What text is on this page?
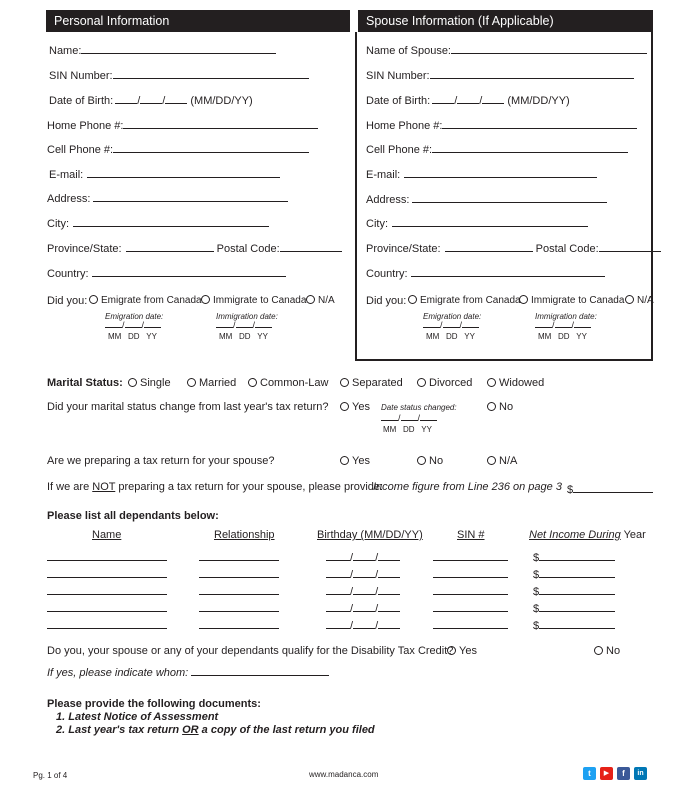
Personal Information	Spouse Information (If Applicable)
Name:
SIN Number:
Date of Birth: / / (MM/DD/YY)
Home Phone #:
Cell Phone #:
E-mail:
Address:
City:
Province/State:	Postal Code:
Country:
Did you:	Emigrate from Canada	Immigrate to Canada	N/A
Emigration date:
/ /
MM DD YY
Immigration date:
/ /
MM DD YY
Name of Spouse:
SIN Number:
Date of Birth: / / (MM/DD/YY)
Home Phone #:
Cell Phone #:
E-mail:
Address:
City:
Province/State:	Postal Code:
Country:
Did you:	Emigrate from Canada	Immigrate to Canada	N/A
Emigration date:
/ /
MM DD YY
Immigration date:
/ /
MM DD YY
Marital Status:	Single	Married	Common-Law	Separated	Divorced	Widowed
Did your marital status change from last year's tax return?	Yes Date status changed:
/ /
MM DD YY
No
Are we preparing a tax return for your spouse?	Yes	No	N/A
If we are NOT preparing a tax return for your spouse, please provide:
Income figure from Line 236 on page 3 $
Please list all dependants below:
Name	Relationship	Birthday (MM/DD/YY)	SIN #	Net Income During Year
/ /	$
/ /	$
/ /	$
/ /	$
/ /	$
Do you, your spouse or any of your dependants qualify for the Disability Tax Credit? Yes	No
If yes, please indicate whom:
Please provide the following documents:
1. Latest Notice of Assessment
2. Last year's tax return OR a copy of the last return you filed
Pg. 1 of 4	www.madanca.com	t	▶	f	in
